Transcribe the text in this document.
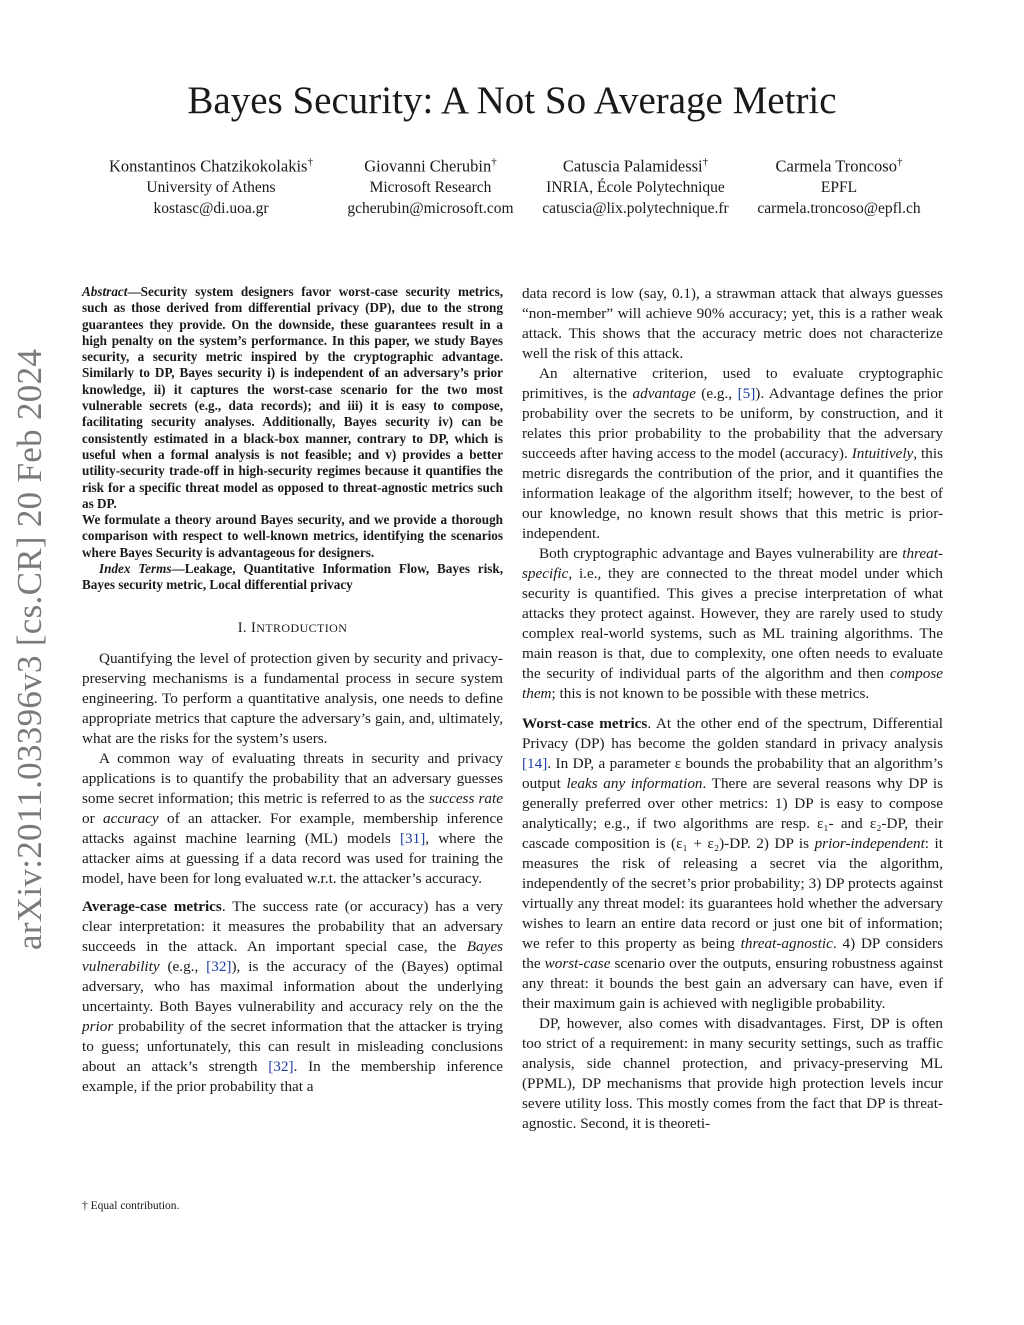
arXiv:2011.03396v3 [cs.CR] 20 Feb 2024
Bayes Security: A Not So Average Metric
Konstantinos Chatzikokolakis†
University of Athens
kostasc@di.uoa.gr
Giovanni Cherubin†
Microsoft Research
gcherubin@microsoft.com
Catuscia Palamidessi†
INRIA, École Polytechnique
catuscia@lix.polytechnique.fr
Carmela Troncoso†
EPFL
carmela.troncoso@epfl.ch

Abstract—Security system designers favor worst-case security metrics, such as those derived from differential privacy (DP), due to the strong guarantees they provide. On the downside, these guarantees result in a high penalty on the system’s performance. In this paper, we study Bayes security, a security metric inspired by the cryptographic advantage. Similarly to DP, Bayes security i) is independent of an adversary’s prior knowledge, ii) it captures the worst-case scenario for the two most vulnerable secrets (e.g., data records); and iii) it is easy to compose, facilitating security analyses. Additionally, Bayes security iv) can be consistently estimated in a black-box manner, contrary to DP, which is useful when a formal analysis is not feasible; and v) provides a better utility-security trade-off in high-security regimes because it quantifies the risk for a specific threat model as opposed to threat-agnostic metrics such as DP.

We formulate a theory around Bayes security, and we provide a thorough comparison with respect to well-known metrics, identifying the scenarios where Bayes Security is advantageous for designers.

Index Terms—Leakage, Quantitative Information Flow, Bayes risk, Bayes security metric, Local differential privacy

I. INTRODUCTION

Quantifying the level of protection given by security and privacy-preserving mechanisms is a fundamental process in secure system engineering. To perform a quantitative analysis, one needs to define appropriate metrics that capture the adversary’s gain, and, ultimately, what are the risks for the system’s users.

A common way of evaluating threats in security and privacy applications is to quantify the probability that an adversary guesses some secret information; this metric is referred to as the success rate or accuracy of an attacker. For example, membership inference attacks against machine learning (ML) models [31], where the attacker aims at guessing if a data record was used for training the model, have been for long evaluated w.r.t. the attacker’s accuracy.

Average-case metrics. The success rate (or accuracy) has a very clear interpretation: it measures the probability that an adversary succeeds in the attack. An important special case, the Bayes vulnerability (e.g., [32]), is the accuracy of the (Bayes) optimal adversary, who has maximal information about the underlying uncertainty. Both Bayes vulnerability and accuracy rely on the the prior probability of the secret information that the attacker is trying to guess; unfortunately, this can result in misleading conclusions about an attack’s strength [32]. In the membership inference example, if the prior probability that a

data record is low (say, 0.1), a strawman attack that always guesses “non-member” will achieve 90% accuracy; yet, this is a rather weak attack. This shows that the accuracy metric does not characterize well the risk of this attack.

An alternative criterion, used to evaluate cryptographic primitives, is the advantage (e.g., [5]). Advantage defines the prior probability over the secrets to be uniform, by construction, and it relates this prior probability to the probability that the adversary succeeds after having access to the model (accuracy). Intuitively, this metric disregards the contribution of the prior, and it quantifies the information leakage of the algorithm itself; however, to the best of our knowledge, no known result shows that this metric is prior-independent.

Both cryptographic advantage and Bayes vulnerability are threat-specific, i.e., they are connected to the threat model under which security is quantified. This gives a precise interpretation of what attacks they protect against. However, they are rarely used to study complex real-world systems, such as ML training algorithms. The main reason is that, due to complexity, one often needs to evaluate the security of individual parts of the algorithm and then compose them; this is not known to be possible with these metrics.

Worst-case metrics. At the other end of the spectrum, Differential Privacy (DP) has become the golden standard in privacy analysis [14]. In DP, a parameter ε bounds the probability that an algorithm’s output leaks any information. There are several reasons why DP is generally preferred over other metrics: 1) DP is easy to compose analytically; e.g., if two algorithms are resp. ε₁- and ε₂-DP, their cascade composition is (ε₁ + ε₂)-DP. 2) DP is prior-independent: it measures the risk of releasing a secret via the algorithm, independently of the secret’s prior probability; 3) DP protects against virtually any threat model: its guarantees hold whether the adversary wishes to learn an entire data record or just one bit of information; we refer to this property as being threat-agnostic. 4) DP considers the worst-case scenario over the outputs, ensuring robustness against any threat: it bounds the best gain an adversary can have, even if their maximum gain is achieved with negligible probability.

DP, however, also comes with disadvantages. First, DP is often too strict of a requirement: in many security settings, such as traffic analysis, side channel protection, and privacy-preserving ML (PPML), DP mechanisms that provide high protection levels incur severe utility loss. This mostly comes from the fact that DP is threat-agnostic. Second, it is theoreti-

† Equal contribution.
